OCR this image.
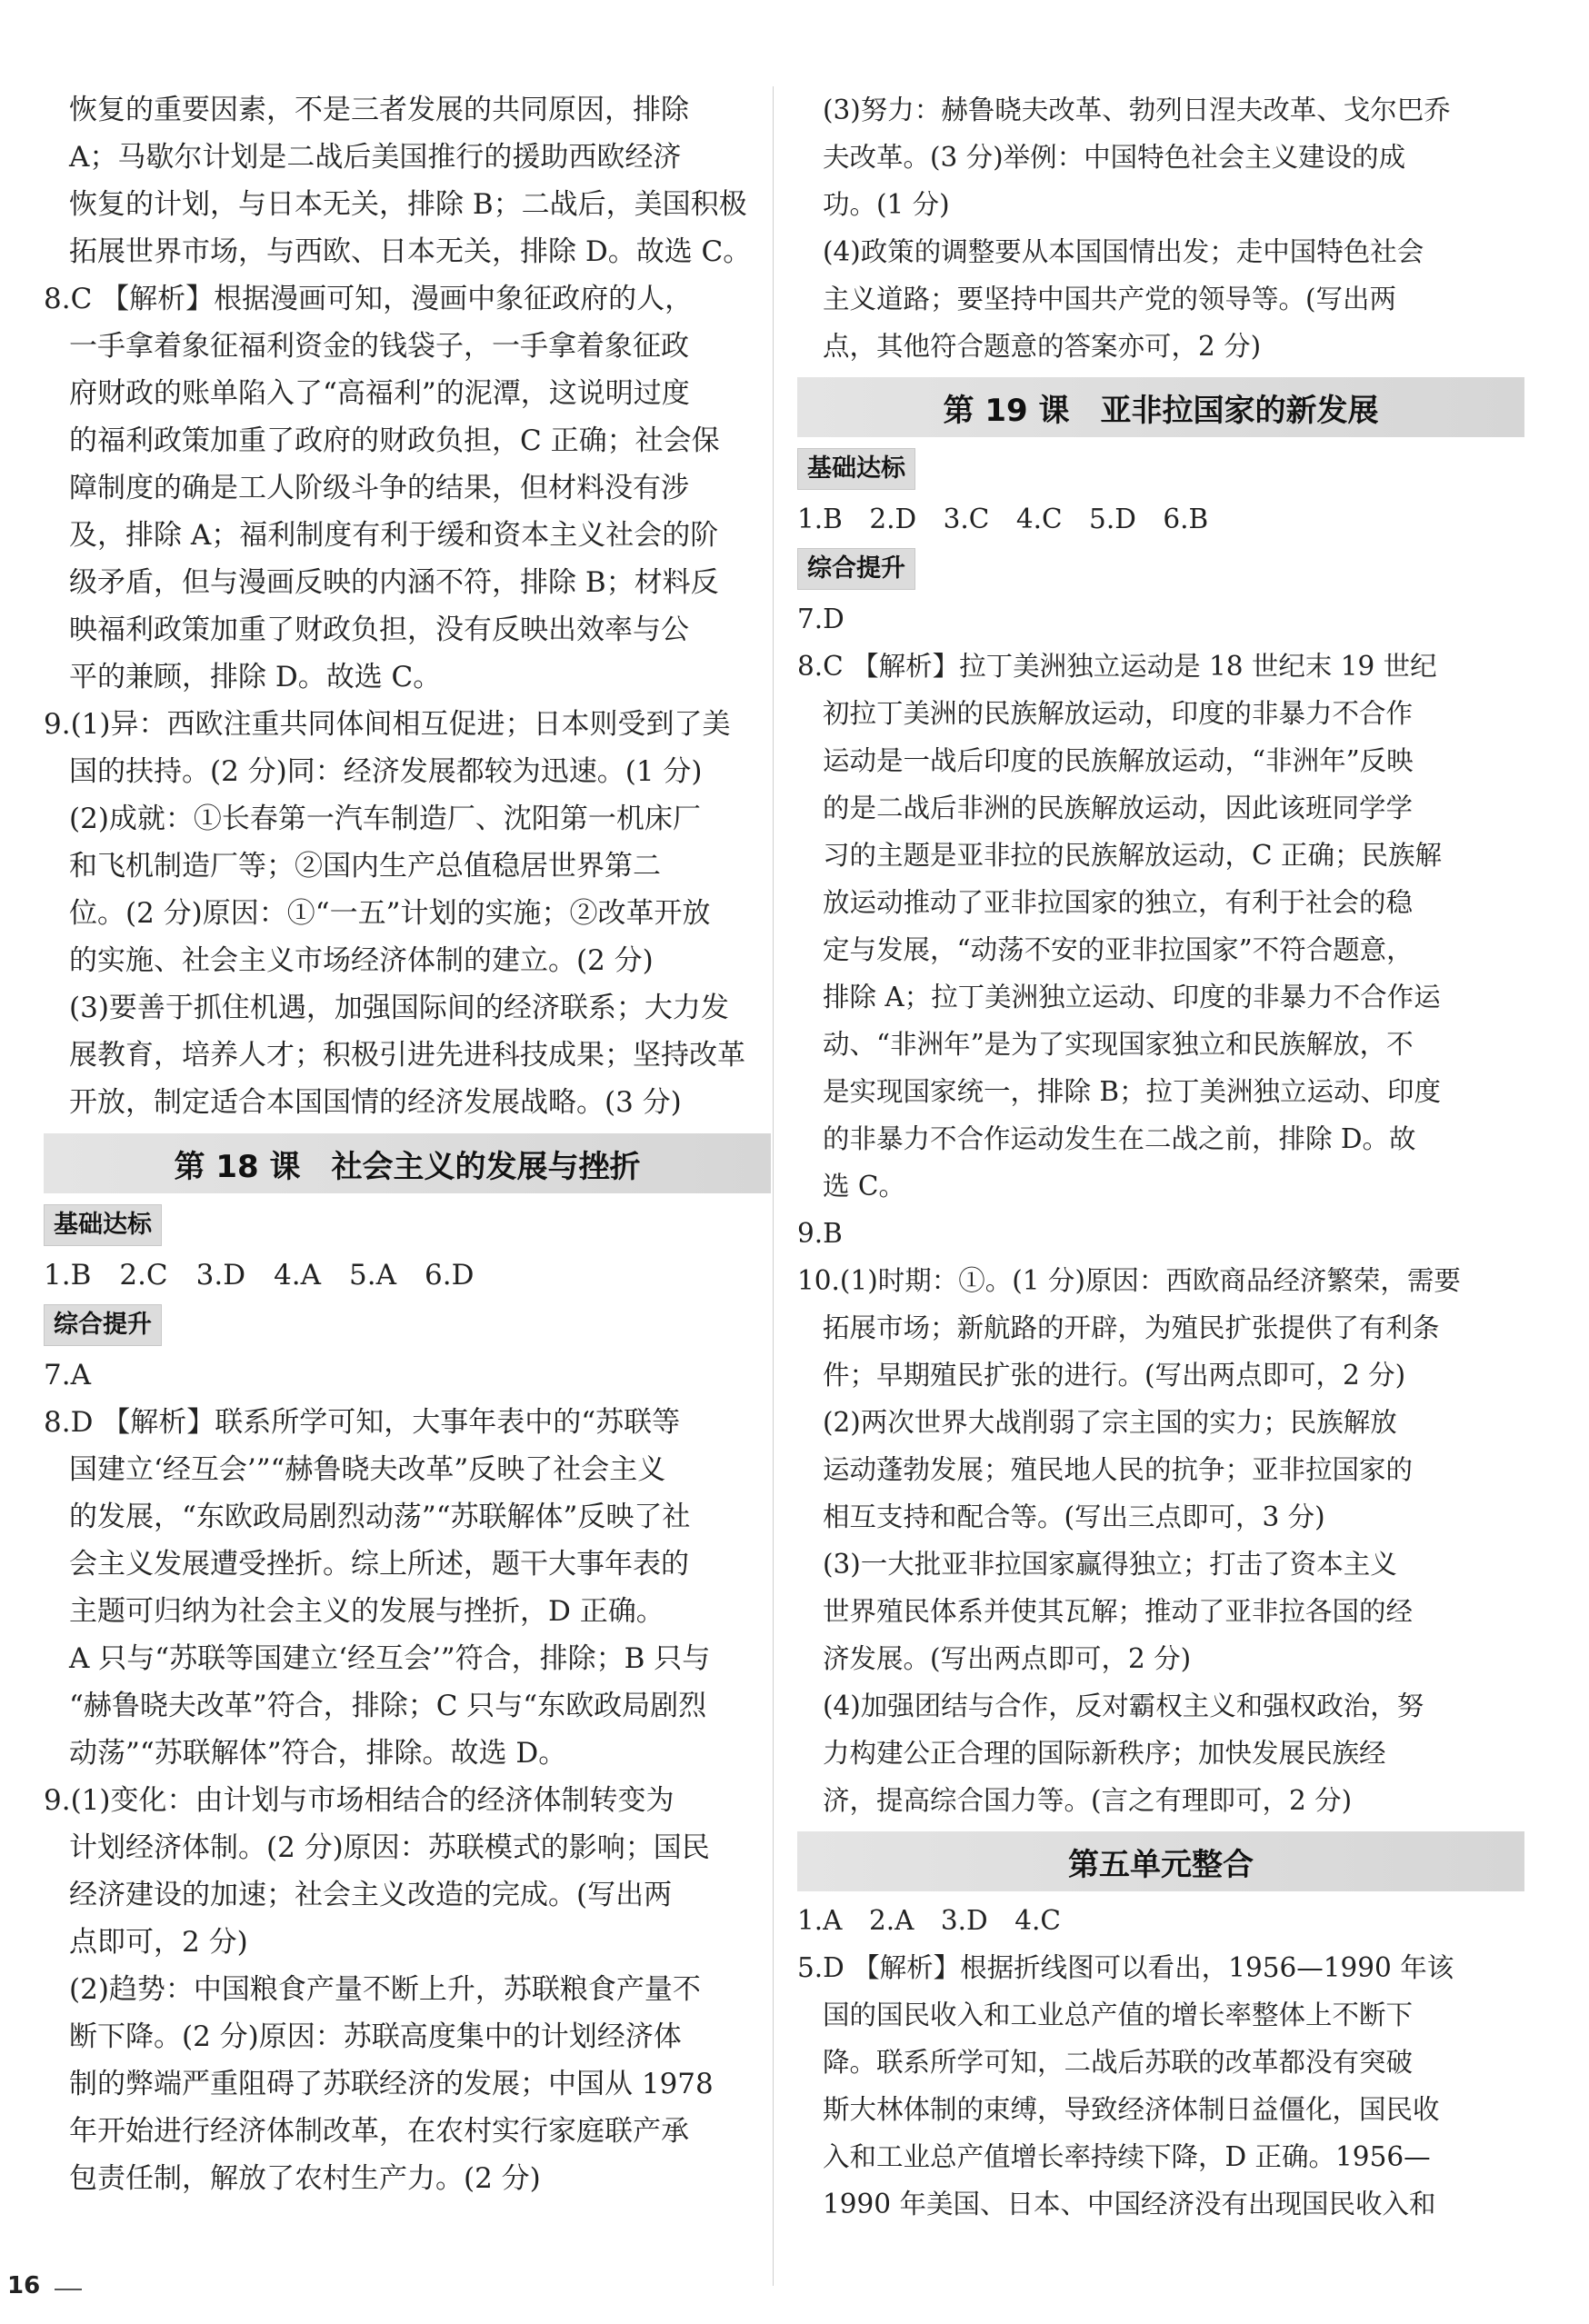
恢复的重要因素，不是三者发展的共同原因，排除
A；马歇尔计划是二战后美国推行的援助西欧经济
恢复的计划，与日本无关，排除 B；二战后，美国积极
拓展世界市场，与西欧、日本无关，排除 D。故选 C。
8.C 【解析】根据漫画可知，漫画中象征政府的人，
一手拿着象征福利资金的钱袋子，一手拿着象征政
府财政的账单陷入了“高福利”的泥潭，这说明过度
的福利政策加重了政府的财政负担，C 正确；社会保
障制度的确是工人阶级斗争的结果，但材料没有涉
及，排除 A；福利制度有利于缓和资本主义社会的阶
级矛盾，但与漫画反映的内涵不符，排除 B；材料反
映福利政策加重了财政负担，没有反映出效率与公
平的兼顾，排除 D。故选 C。
9.(1)异：西欧注重共同体间相互促进；日本则受到了美
国的扶持。(2 分)同：经济发展都较为迅速。(1 分)
(2)成就：①长春第一汽车制造厂、沈阳第一机床厂
和飞机制造厂等；②国内生产总值稳居世界第二
位。(2 分)原因：①“一五”计划的实施；②改革开放
的实施、社会主义市场经济体制的建立。(2 分)
(3)要善于抓住机遇，加强国际间的经济联系；大力发
展教育，培养人才；积极引进先进科技成果；坚持改革
开放，制定适合本国国情的经济发展战略。(3 分)
第 18 课　社会主义的发展与挫折
基础达标
1.B　2.C　3.D　4.A　5.A　6.D
综合提升
7.A
8.D 【解析】联系所学可知，大事年表中的“苏联等
国建立‘经互会’”“赫鲁晓夫改革”反映了社会主义
的发展，“东欧政局剧烈动荡”“苏联解体”反映了社
会主义发展遭受挫折。综上所述，题干大事年表的
主题可归纳为社会主义的发展与挫折，D 正确。
A 只与“苏联等国建立‘经互会’”符合，排除；B 只与
“赫鲁晓夫改革”符合，排除；C 只与“东欧政局剧烈
动荡”“苏联解体”符合，排除。故选 D。
9.(1)变化：由计划与市场相结合的经济体制转变为
计划经济体制。(2 分)原因：苏联模式的影响；国民
经济建设的加速；社会主义改造的完成。(写出两
点即可，2 分)
(2)趋势：中国粮食产量不断上升，苏联粮食产量不
断下降。(2 分)原因：苏联高度集中的计划经济体
制的弊端严重阻碍了苏联经济的发展；中国从 1978
年开始进行经济体制改革，在农村实行家庭联产承
包责任制，解放了农村生产力。(2 分)
(3)努力：赫鲁晓夫改革、勃列日涅夫改革、戈尔巴乔
夫改革。(3 分)举例：中国特色社会主义建设的成
功。(1 分)
(4)政策的调整要从本国国情出发；走中国特色社会
主义道路；要坚持中国共产党的领导等。(写出两
点，其他符合题意的答案亦可，2 分)
第 19 课　亚非拉国家的新发展
基础达标
1.B　2.D　3.C　4.C　5.D　6.B
综合提升
7.D
8.C 【解析】拉丁美洲独立运动是 18 世纪末 19 世纪
初拉丁美洲的民族解放运动，印度的非暴力不合作
运动是一战后印度的民族解放运动，“非洲年”反映
的是二战后非洲的民族解放运动，因此该班同学学
习的主题是亚非拉的民族解放运动，C 正确；民族解
放运动推动了亚非拉国家的独立，有利于社会的稳
定与发展，“动荡不安的亚非拉国家”不符合题意，
排除 A；拉丁美洲独立运动、印度的非暴力不合作运
动、“非洲年”是为了实现国家独立和民族解放，不
是实现国家统一，排除 B；拉丁美洲独立运动、印度
的非暴力不合作运动发生在二战之前，排除 D。故
选 C。
9.B
10.(1)时期：①。(1 分)原因：西欧商品经济繁荣，需要
拓展市场；新航路的开辟，为殖民扩张提供了有利条
件；早期殖民扩张的进行。(写出两点即可，2 分)
(2)两次世界大战削弱了宗主国的实力；民族解放
运动蓬勃发展；殖民地人民的抗争；亚非拉国家的
相互支持和配合等。(写出三点即可，3 分)
(3)一大批亚非拉国家赢得独立；打击了资本主义
世界殖民体系并使其瓦解；推动了亚非拉各国的经
济发展。(写出两点即可，2 分)
(4)加强团结与合作，反对霸权主义和强权政治，努
力构建公正合理的国际新秩序；加快发展民族经
济，提高综合国力等。(言之有理即可，2 分)
第五单元整合
1.A　2.A　3.D　4.C
5.D 【解析】根据折线图可以看出，1956—1990 年该
国的国民收入和工业总产值的增长率整体上不断下
降。联系所学可知，二战后苏联的改革都没有突破
斯大林体制的束缚，导致经济体制日益僵化，国民收
入和工业总产值增长率持续下降，D 正确。1956—
1990 年美国、日本、中国经济没有出现国民收入和
16
